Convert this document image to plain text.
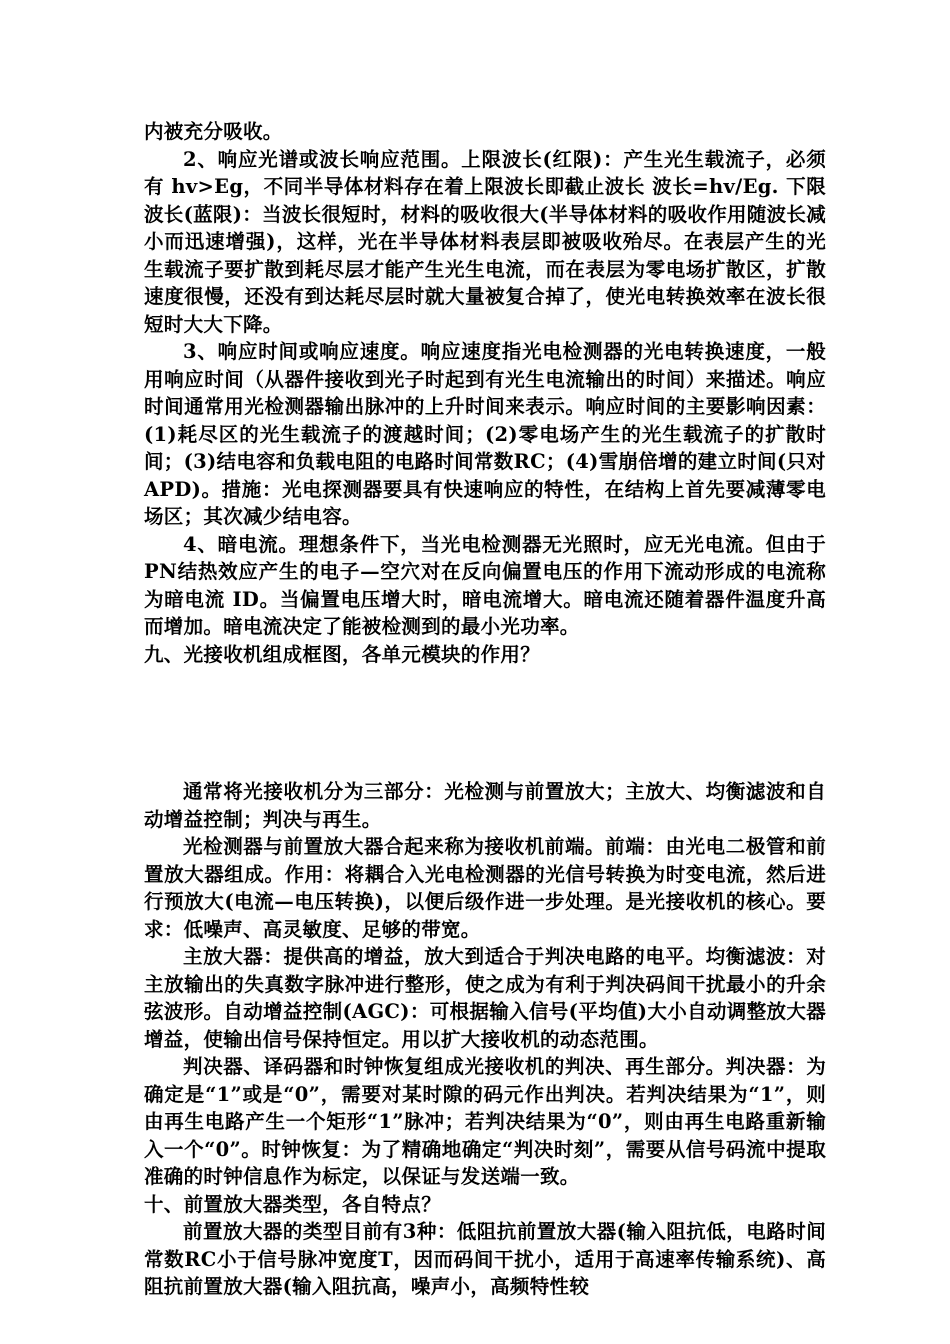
内被充分吸收。

2、响应光谱或波长响应范围。上限波长(红限)：产生光生载流子，必须有 hv>Eg，不同半导体材料存在着上限波长即截止波长 波长=hv/Eg. 下限波长(蓝限)：当波长很短时，材料的吸收很大(半导体材料的吸收作用随波长减小而迅速增强)，这样，光在半导体材料表层即被吸收殆尽。在表层产生的光生载流子要扩散到耗尽层才能产生光生电流，而在表层为零电场扩散区，扩散速度很慢，还没有到达耗尽层时就大量被复合掉了，使光电转换效率在波长很短时大大下降。

3、响应时间或响应速度。响应速度指光电检测器的光电转换速度，一般用响应时间（从器件接收到光子时起到有光生电流输出的时间）来描述。响应时间通常用光检测器输出脉冲的上升时间来表示。响应时间的主要影响因素：(1)耗尽区的光生载流子的渡越时间；(2)零电场产生的光生载流子的扩散时间；(3)结电容和负载电阻的电路时间常数RC；(4)雪崩倍增的建立时间(只对APD)。措施：光电探测器要具有快速响应的特性，在结构上首先要减薄零电场区；其次减少结电容。

4、暗电流。理想条件下，当光电检测器无光照时，应无光电流。但由于PN结热效应产生的电子—空穴对在反向偏置电压的作用下流动形成的电流称为暗电流 ID。当偏置电压增大时，暗电流增大。暗电流还随着器件温度升高而增加。暗电流决定了能被检测到的最小光功率。

九、光接收机组成框图，各单元模块的作用？

通常将光接收机分为三部分：光检测与前置放大；主放大、均衡滤波和自动增益控制；判决与再生。

光检测器与前置放大器合起来称为接收机前端。前端：由光电二极管和前置放大器组成。作用：将耦合入光电检测器的光信号转换为时变电流，然后进行预放大(电流—电压转换)，以便后级作进一步处理。是光接收机的核心。要求：低噪声、高灵敏度、足够的带宽。

主放大器：提供高的增益，放大到适合于判决电路的电平。均衡滤波：对主放输出的失真数字脉冲进行整形，使之成为有利于判决码间干扰最小的升余弦波形。自动增益控制(AGC)：可根据输入信号(平均值)大小自动调整放大器增益，使输出信号保持恒定。用以扩大接收机的动态范围。

判决器、译码器和时钟恢复组成光接收机的判决、再生部分。判决器：为确定是“1”或是“0”，需要对某时隙的码元作出判决。若判决结果为“1”，则由再生电路产生一个矩形“1”脉冲；若判决结果为“0”，则由再生电路重新输入一个“0”。时钟恢复：为了精确地确定“判决时刻”，需要从信号码流中提取准确的时钟信息作为标定，以保证与发送端一致。

十、前置放大器类型，各自特点？

前置放大器的类型目前有3种：低阻抗前置放大器(输入阻抗低，电路时间常数RC小于信号脉冲宽度T，因而码间干扰小，适用于高速率传输系统)、高阻抗前置放大器(输入阻抗高，噪声小，高频特性较
